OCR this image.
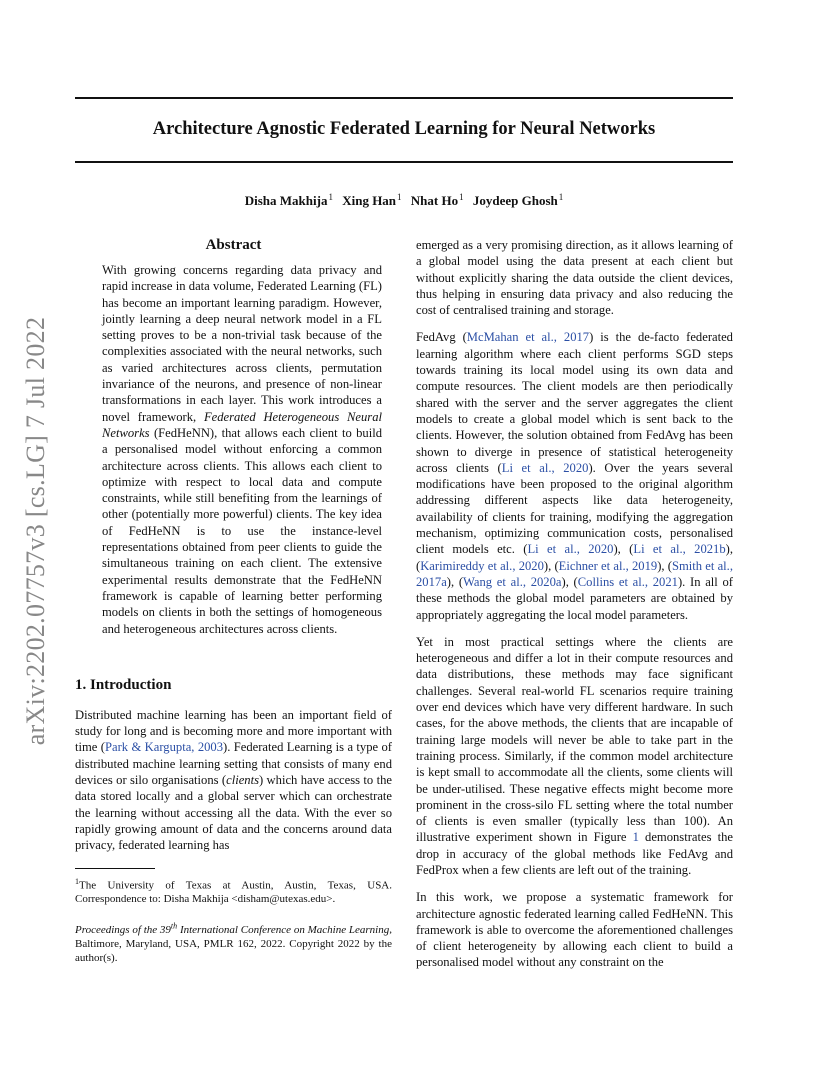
Architecture Agnostic Federated Learning for Neural Networks
Disha Makhija$^1$ Xing Han$^1$ Nhat Ho$^1$ Joydeep Ghosh$^1$
arXiv:2202.07757v3 [cs.LG] 7 Jul 2022
Abstract
With growing concerns regarding data privacy and rapid increase in data volume, Federated Learning (FL) has become an important learning paradigm. However, jointly learning a deep neural network model in a FL setting proves to be a non-trivial task because of the complexities associated with the neural networks, such as varied architectures across clients, permutation invariance of the neurons, and presence of non-linear transformations in each layer. This work introduces a novel framework, Federated Heterogeneous Neural Networks (FedHeNN), that allows each client to build a personalised model without enforcing a common architecture across clients. This allows each client to optimize with respect to local data and compute constraints, while still benefiting from the learnings of other (potentially more powerful) clients. The key idea of FedHeNN is to use the instance-level representations obtained from peer clients to guide the simultaneous training on each client. The extensive experimental results demonstrate that the FedHeNN framework is capable of learning better performing models on clients in both the settings of homogeneous and heterogeneous architectures across clients.
1. Introduction
Distributed machine learning has been an important field of study for long and is becoming more and more important with time (Park & Kargupta, 2003). Federated Learning is a type of distributed machine learning setting that consists of many end devices or silo organisations (clients) which have access to the data stored locally and a global server which can orchestrate the learning without accessing all the data. With the ever so rapidly growing amount of data and the concerns around data privacy, federated learning has
$^1$The University of Texas at Austin, Austin, Texas, USA. Correspondence to: Disha Makhija <disham@utexas.edu>.
Proceedings of the 39th International Conference on Machine Learning, Baltimore, Maryland, USA, PMLR 162, 2022. Copyright 2022 by the author(s).
emerged as a very promising direction, as it allows learning of a global model using the data present at each client but without explicitly sharing the data outside the client devices, thus helping in ensuring data privacy and also reducing the cost of centralised training and storage.
FedAvg (McMahan et al., 2017) is the de-facto federated learning algorithm where each client performs SGD steps towards training its local model using its own data and compute resources. The client models are then periodically shared with the server and the server aggregates the client models to create a global model which is sent back to the clients. However, the solution obtained from FedAvg has been shown to diverge in presence of statistical heterogeneity across clients (Li et al., 2020). Over the years several modifications have been proposed to the original algorithm addressing different aspects like data heterogeneity, availability of clients for training, modifying the aggregation mechanism, optimizing communication costs, personalised client models etc. (Li et al., 2020), (Li et al., 2021b), (Karimireddy et al., 2020), (Eichner et al., 2019), (Smith et al., 2017a), (Wang et al., 2020a), (Collins et al., 2021). In all of these methods the global model parameters are obtained by appropriately aggregating the local model parameters.
Yet in most practical settings where the clients are heterogeneous and differ a lot in their compute resources and data distributions, these methods may face significant challenges. Several real-world FL scenarios require training over end devices which have very different hardware. In such cases, for the above methods, the clients that are incapable of training large models will never be able to take part in the training process. Similarly, if the common model architecture is kept small to accommodate all the clients, some clients will be under-utilised. These negative effects might become more prominent in the cross-silo FL setting where the total number of clients is even smaller (typically less than 100). An illustrative experiment shown in Figure 1 demonstrates the drop in accuracy of the global methods like FedAvg and FedProx when a few clients are left out of the training.
In this work, we propose a systematic framework for architecture agnostic federated learning called FedHeNN. This framework is able to overcome the aforementioned challenges of client heterogeneity by allowing each client to build a personalised model without any constraint on the
